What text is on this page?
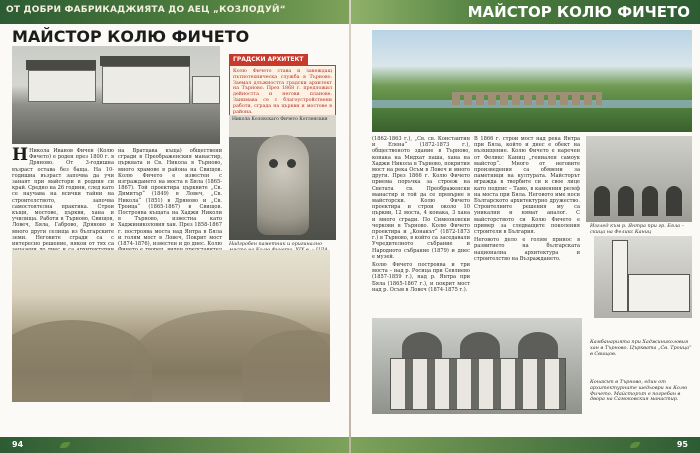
ОТ ДОБРИ ФАБРИКАДЖИЯТА ДО АЕЦ „КОЗЛОДУЙ“	МАЙСТОР КОЛЮ ФИЧЕТО
МАЙСТОР КОЛЮ ФИЧЕТО
ГРАДСКИ АРХИТЕКТ
Колю Фичето става и завеждащ пътнотехническа служба в Търново. Заемал длъжността градски архитект на Търново. През 1868 г. предложил дейността и негови планове. Занимава се с благоустройствени работи, сграда на църкви и мостове в района.
Никола Коловскаго Фичето Котленския

Надгробен паметник и оригинално

Н Никола Иванов Фичев (Колю Фичето) е роден през 1800 г. в Дряново. От 3-годишна възраст остава без баща. На 10-годишна възраст започва да учи занаят при майстори в родния си край. Средно на 26 години, след като се научава на всички тайни на строителството, започва самостоятелна практика. Строи къщи, мостове, църкви, хана и училища. Работи в Търново, Свищов, Ловеч, Бяла, Габрово, Дряново и много други селища из българските земи. Неговите сгради са с интересно решение, някои от тях са

на Вратцава къща) обществени сгради в Преображенския манастир, църквата и Св. Никола в Търново, много храмове в района на Свищов. Колю Фичето е известен с изграждането на моста в Бяла (1865-1867). Той проектира църквите „Св. Димитър“ (1849) в Ловеч, „Св. Никола“ (1851) в Дряново и „Св. Троица“ (1865-1867) в Свищов. Построява къщата на Хаджи Николи в Търново, известна като Хаджиниколовия хан. През 1858-1867 г. построява моста над Янтра в Бяла и голям мост в Ловеч, Покрит мост (1874-1876), известен и до днес. Колю

(1862-1863 г.), „Св. св. Константин и Елена“ (1872-1873 г.), общественото здание в Търново, конака на Мидхат паша, хана на Хаджи Никола в Търново, покрития мост на река Осъм в Ловеч и много други. През 1866 г. Колю Фичето приема поръчка за строеж на Светата св. Преображенски манастир и той да се превърне в майсторски. Колю Фичето проектира и строи около 10 църкви, 12 моста, 4 конака, 3 хана и много сгради. По Симеоновски черкови в Търново. Колю Фичето проектира и „Конакът“ (1872-1873 г.) в Търново, в който са заседавали Учредителното събрание и Народното събрание (1879) и днес е музей.

Колю Фичето построява и три моста – над р. Росица при Севлиево (1857-1859 г.), над р. Янтра при Бяла (1865-1867 г.), и покрит мост над р. Осъм в Ловеч (1874-1875 г.).

В 1866 г. строи мост над река Янтра при Бяла, който и днес е обект на възхищение. Колю Фичето е наречен от Феликс Каниц „гениален самоук майстор“. Много от неговите произведения са обявени за паметници на културата. Майсторът вгражда в творбите си и свое лице като подпис – Тамо, в каменния релеф на моста при Бяла. Неговото име носи Българското архитектурно дружество. Строителните решения му са уникални и нямат аналог. С майсторството си Колю Фичето е пример за следващите поколения строители в България.

Неговото дело е голям принос в развитието на българската национална архитектура и строителство на Възраждането.

Изглед към р. Янтра при гр. Бяла – скица на Феликс Каниц

Камбанарията при Хаджиниколовия хан в Търново. Църквата „Св. Троица“ в Свищов.

Конакът в Търново, един от архитектурните шедьоври на Колю Фичето. Майсторът е погребан в двора на Самоковския манастир.

94	95
